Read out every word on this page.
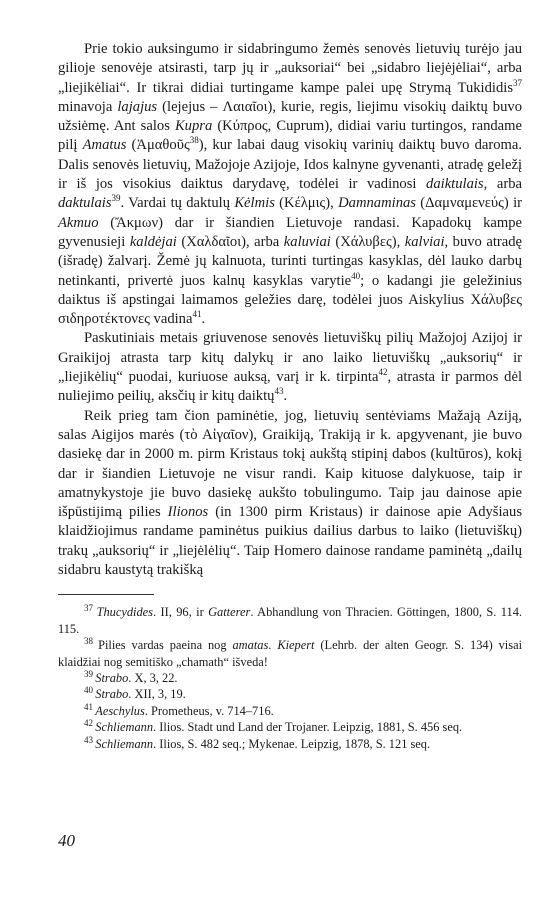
Prie tokio auksingumo ir sidabringumo žemės senovės lietuvių turėjo jau gilioje senovėje atsirasti, tarp jų ir „auksoriai“ bei „sidabro liejėjėliai“, arba „liejikėliai“. Ir tikrai didiai turtingame kampe palei upę Strymą Tukididis$^{37}$ minavoja lajajus (lejejus – Λαιαῖοι), kurie, regis, liejimu visokių daiktų buvo užsiėmę. Ant salos Kupra (Κύπρος, Cuprum), didiai variu turtingos, randame pilį Amatus (Ἀμαθοῦς$^{38}$), kur labai daug visokių varinių daiktų buvo daroma. Dalis senovės lietuvių, Mažojoje Azijoje, Idos kalnyne gyvenanti, atradę geležį ir iš jos visokius daiktus darydavę, todėlei ir vadinosi daiktulais, arba daktulais$^{39}$. Vardai tų daktulų Kėlmis (Κέλμις), Damnaminas (Δαμναμενεύς) ir Akmuo (Ἄκμων) dar ir šiandien Lietuvoje randasi. Kapadokų kampe gyvenusieji kaldėjai (Χαλδαῖοι), arba kaluviai (Χάλυβες), kalviai, buvo atradę (išradę) žalvarį. Žemė jų kalnuota, turinti turtingas kasyklas, dėl lauko darbų netinkanti, privertė juos kalnų kasyklas varytie$^{40}$; o kadangi jie geležinius daiktus iš apstingai laimamos geležies darę, todėlei juos Aiskylius Χάλυβες σιδηροτέκτονες vadina$^{41}$.

Paskutiniais metais griuvenose senovės lietuviškų pilių Mažojoj Azijoj ir Graikijoj atrasta tarp kitų dalykų ir ano laiko lietuviškų „auksorių“ ir „liejikėlių“ puodai, kuriuose auksą, varį ir k. tirpinta$^{42}$, atrasta ir parmos dėl nuliejimo peilių, aksčių ir kitų daiktų$^{43}$.

Reik prieg tam čion paminėtie, jog, lietuvių sentėviams Mažają Aziją, salas Aigijos marės (τὸ Αἰγαῖον), Graikiją, Trakiją ir k. apgyvenant, jie buvo dasiekę dar in 2000 m. pirm Kristaus tokį aukštą stipinį dabos (kultūros), kokį dar ir šiandien Lietuvoje ne visur randi. Kaip kituose dalykuose, taip ir amatnykystoje jie buvo dasiekę aukšto tobulingumo. Taip jau dainose apie išpūstijimą pilies Ilionos (in 1300 pirm Kristaus) ir dainose apie Adyšiaus klaidžiojimus randame paminėtus puikius dailius darbus to laiko (lietuviškų) trakų „auksorių“ ir „liejėlėlių“. Taip Homero dainose randame paminėtą „dailų sidabru kaustytą trakišką

$^{37}$ Thucydides. II, 96, ir Gatterer. Abhandlung von Thracien. Göttingen, 1800, S. 114. 115.

$^{38}$ Pilies vardas paeina nog amatas. Kiepert (Lehrb. der alten Geogr. S. 134) visai klaidžiai nog semitiško „chamath“ išveda!

$^{39}$ Strabo. X, 3, 22.

$^{40}$ Strabo. XII, 3, 19.

$^{41}$ Aeschylus. Prometheus, v. 714–716.

$^{42}$ Schliemann. Ilios. Stadt und Land der Trojaner. Leipzig, 1881, S. 456 seq.

$^{43}$ Schliemann. Ilios, S. 482 seq.; Mykenae. Leipzig, 1878, S. 121 seq.

40
